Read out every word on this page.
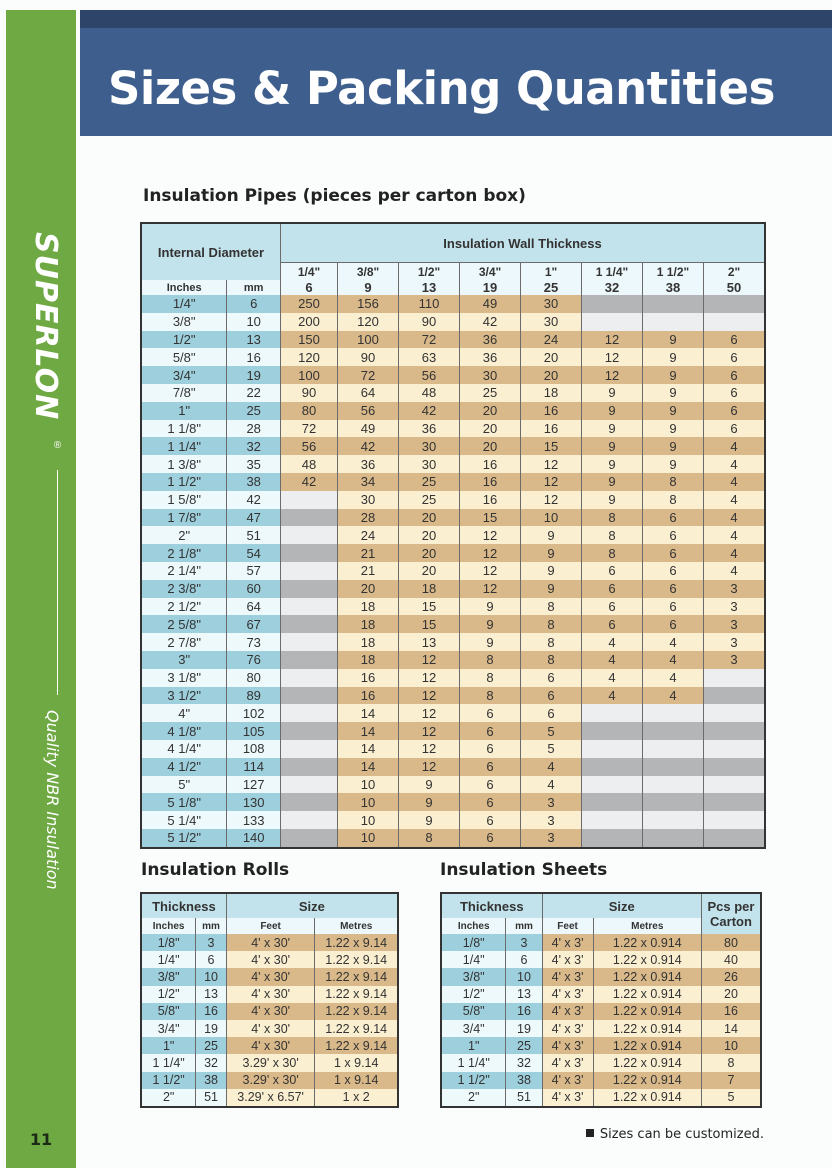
SUPERLON
®
Quality NBR Insulation
11
Sizes & Packing Quantities
Insulation Pipes (pieces per carton box)
Internal Diameter		Insulation Wall Thickness							
		1/4"	3/8"	1/2"	3/4"	1"	1 1/4"	1 1/2"	2"
Inches	mm	6	9	13	19	25	32	38	50
1/4"	6	250	156	110	49	30			
3/8"	10	200	120	90	42	30			
1/2"	13	150	100	72	36	24	12	9	6
5/8"	16	120	90	63	36	20	12	9	6
3/4"	19	100	72	56	30	20	12	9	6
7/8"	22	90	64	48	25	18	9	9	6
1"	25	80	56	42	20	16	9	9	6
1 1/8"	28	72	49	36	20	16	9	9	6
1 1/4"	32	56	42	30	20	15	9	9	4
1 3/8"	35	48	36	30	16	12	9	9	4
1 1/2"	38	42	34	25	16	12	9	8	4
1 5/8"	42		30	25	16	12	9	8	4
1 7/8"	47		28	20	15	10	8	6	4
2"	51		24	20	12	9	8	6	4
2 1/8"	54		21	20	12	9	8	6	4
2 1/4"	57		21	20	12	9	6	6	4
2 3/8"	60		20	18	12	9	6	6	3
2 1/2"	64		18	15	9	8	6	6	3
2 5/8"	67		18	15	9	8	6	6	3
2 7/8"	73		18	13	9	8	4	4	3
3"	76		18	12	8	8	4	4	3
3 1/8"	80		16	12	8	6	4	4	
3 1/2"	89		16	12	8	6	4	4	
4"	102		14	12	6	6			
4 1/8"	105		14	12	6	5			
4 1/4"	108		14	12	6	5			
4 1/2"	114		14	12	6	4			
5"	127		10	9	6	4			
5 1/8"	130		10	9	6	3			
5 1/4"	133		10	9	6	3			
5 1/2"	140		10	8	6	3			
Insulation Rolls
Thickness		Size	
Inches	mm	Feet	Metres
1/8"	3	4' x 30'	1.22 x 9.14
1/4"	6	4' x 30'	1.22 x 9.14
3/8"	10	4' x 30'	1.22 x 9.14
1/2"	13	4' x 30'	1.22 x 9.14
5/8"	16	4' x 30'	1.22 x 9.14
3/4"	19	4' x 30'	1.22 x 9.14
1"	25	4' x 30'	1.22 x 9.14
1 1/4"	32	3.29' x 30'	1 x 9.14
1 1/2"	38	3.29' x 30'	1 x 9.14
2"	51	3.29' x 6.57'	1 x 2
Insulation Sheets
Thickness		Size		Pcs per Carton
Inches	mm	Feet	Metres	
1/8"	3	4' x 3'	1.22 x 0.914	80
1/4"	6	4' x 3'	1.22 x 0.914	40
3/8"	10	4' x 3'	1.22 x 0.914	26
1/2"	13	4' x 3'	1.22 x 0.914	20
5/8"	16	4' x 3'	1.22 x 0.914	16
3/4"	19	4' x 3'	1.22 x 0.914	14
1"	25	4' x 3'	1.22 x 0.914	10
1 1/4"	32	4' x 3'	1.22 x 0.914	8
1 1/2"	38	4' x 3'	1.22 x 0.914	7
2"	51	4' x 3'	1.22 x 0.914	5
Sizes can be customized.
